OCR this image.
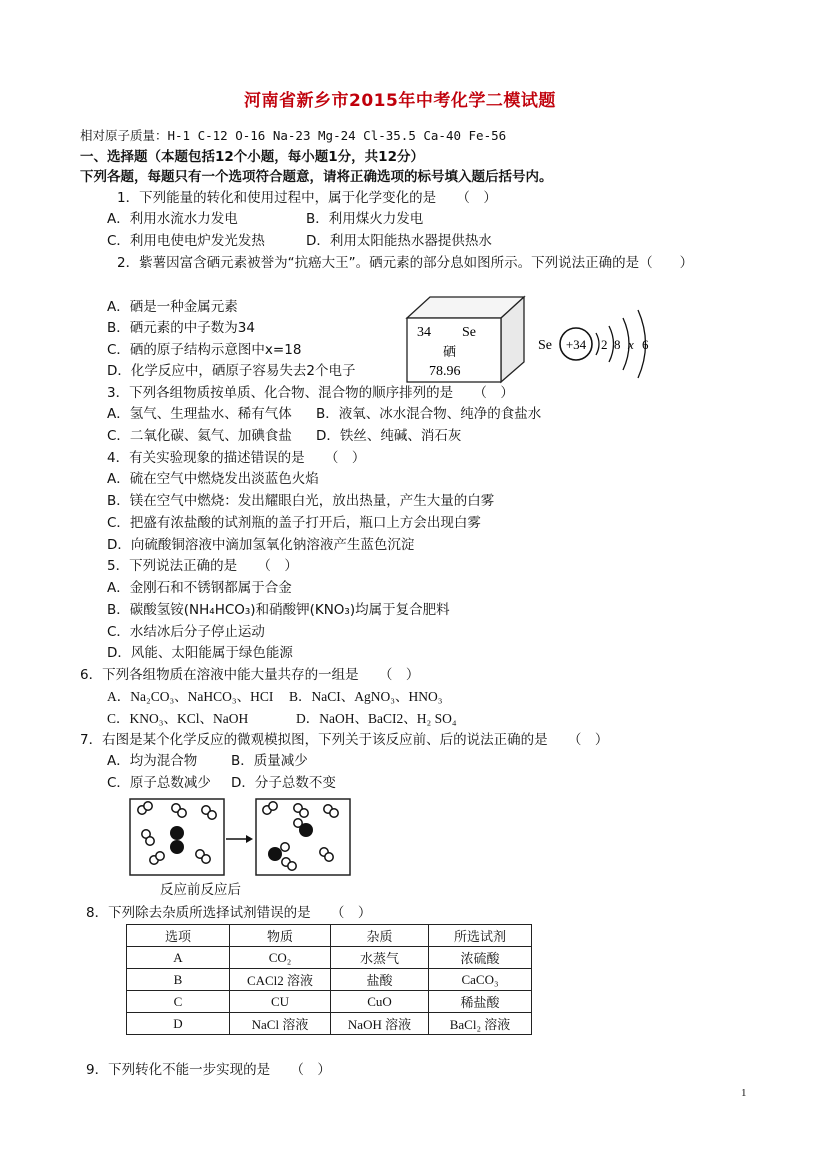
河南省新乡市2015年中考化学二模试题
相对原子质量：H-1 C-12 O-16 Na-23 Mg-24 Cl-35.5 Ca-40 Fe-56
一、选择题（本题包括12个小题，每小题1分，共12分）
下列各题，每题只有一个选项符合题意，请将正确选项的标号填入题后括号内。
1．下列能量的转化和使用过程中，属于化学变化的是　　（　）
A．利用水流水力发电	B．利用煤火力发电
C．利用电使电炉发光发热	D．利用太阳能热水器提供热水
2．紫薯因富含硒元素被誉为“抗癌大王”。硒元素的部分息如图所示。下列说法正确的是（　　）
A．硒是一种金属元素
B．硒元素的中子数为34
C．硒的原子结构示意图中x=18
D．化学反应中，硒原子容易失去2个电子
34 Se
硒
78.96
Se +34 2 8 x 6
3．下列各组物质按单质、化合物、混合物的顺序排列的是　　（　）
A．氢气、生理盐水、稀有气体 B．液氧、冰水混合物、纯净的食盐水
C．二氧化碳、氦气、加碘食盐 D．铁丝、纯碱、消石灰
4．有关实验现象的描述错误的是　　（　）
A．硫在空气中燃烧发出淡蓝色火焰
B．镁在空气中燃烧：发出耀眼白光，放出热量，产生大量的白雾
C．把盛有浓盐酸的试剂瓶的盖子打开后，瓶口上方会出现白雾
D．向硫酸铜溶液中滴加氢氧化钠溶液产生蓝色沉淀
5．下列说法正确的是　　（　）
A．金刚石和不锈钢都属于合金
B．碳酸氢铵(NH₄HCO₃)和硝酸钾(KNO₃)均属于复合肥料
C．水结冰后分子停止运动
D．风能、太阳能属于绿色能源
6．下列各组物质在溶液中能大量共存的一组是　　（　）
A．Na₂CO₃、NaHCO₃、HCI B．NaCI、AgNO₃、HNO₃
C．KNO₃、KCl、NaOH	D．NaOH、BaCI2、H₂ SO₄
7．右图是某个化学反应的微观模拟图，下列关于该反应前、后的说法正确的是　　（　）
A．均为混合物	B．质量减少
C．原子总数减少 D．分子总数不变
反应前反应后
8．下列除去杂质所选择试剂错误的是　　（　）
选项	物质	杂质	所选试剂
A	CO₂	水蒸气	浓硫酸
B	CACl2 溶液	盐酸	CaCO₃
C	CU	CuO	稀盐酸
D	NaCl 溶液	NaOH 溶液	BaCl₂ 溶液
9．下列转化不能一步实现的是　　（　）
1
